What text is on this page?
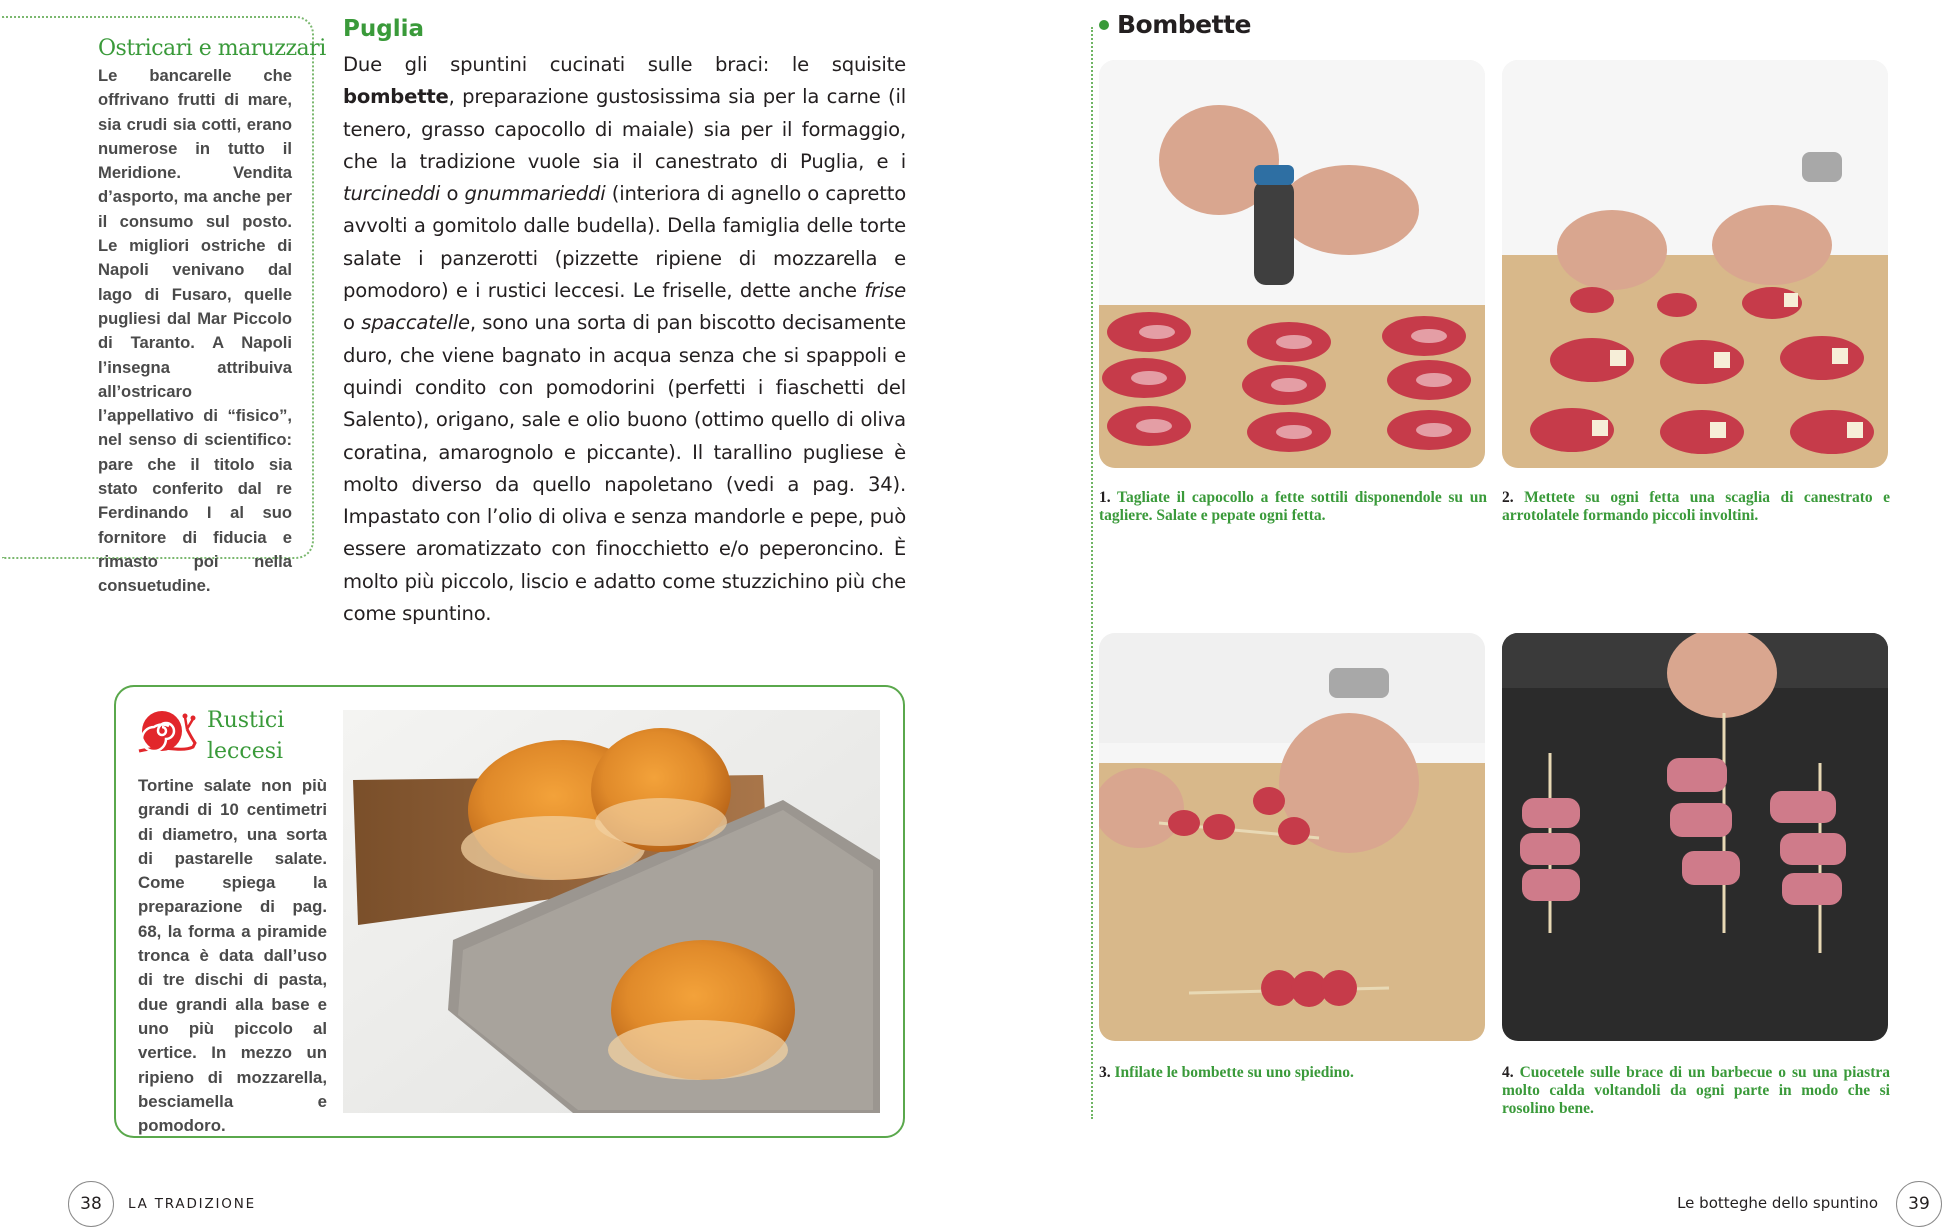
Ostricari e maruzzari
Le bancarelle che offrivano frutti di mare, sia crudi sia cotti, erano numerose in tutto il Meridione. Vendita d’asporto, ma anche per il consumo sul posto. Le migliori ostriche di Napoli venivano dal lago di Fusaro, quelle pugliesi dal Mar Piccolo di Taranto. A Napoli l’insegna attribuiva all’ostricaro l’appellativo di “fisico”, nel senso di scientifico: pare che il titolo sia stato conferito dal re Ferdinando I al suo fornitore di fiducia e rimasto poi nella consuetudine.
Puglia
Due gli spuntini cucinati sulle braci: le squisite bombette, preparazione gustosissima sia per la carne (il tenero, grasso capocollo di maiale) sia per il formaggio, che la tradizione vuole sia il canestrato di Puglia, e i turcineddi o gnummarieddi (interiora di agnello o capretto avvolti a gomitolo dalle budella). Della famiglia delle torte salate i panzerotti (pizzette ripiene di mozzarella e pomodoro) e i rustici leccesi. Le friselle, dette anche frise o spaccatelle, sono una sorta di pan biscotto decisamente duro, che viene bagnato in acqua senza che si spappoli e quindi condito con pomodorini (perfetti i fiaschetti del Salento), origano, sale e olio buono (ottimo quello di oliva coratina, amarognolo e piccante). Il tarallino pugliese è molto diverso da quello napoletano (vedi a pag. 34). Impastato con l’olio di oliva e senza mandorle e pepe, può essere aromatizzato con finocchietto e/o peperoncino. È molto più piccolo, liscio e adatto come stuzzichino più che come spuntino.
Rustici leccesi
Tortine salate non più grandi di 10 centimetri di diametro, una sorta di pastarelle salate. Come spiega la preparazione di pag. 68, la forma a piramide tronca è data dall’uso di tre dischi di pasta, due grandi alla base e uno più piccolo al vertice. In mezzo un ripieno di mozzarella, besciamella e pomodoro.
38	LA TRADIZIONE
Bombette
1. Tagliate il capocollo a fette sottili disponendole su un tagliere. Salate e pepate ogni fetta.
2. Mettete su ogni fetta una scaglia di canestrato e arrotolatele formando piccoli involtini.
3. Infilate le bombette su uno spiedino.	4. Cuocetele sulle brace di un barbecue o su una piastra molto calda voltandoli da ogni parte in modo che si rosolino bene.
Le botteghe dello spuntino	39
